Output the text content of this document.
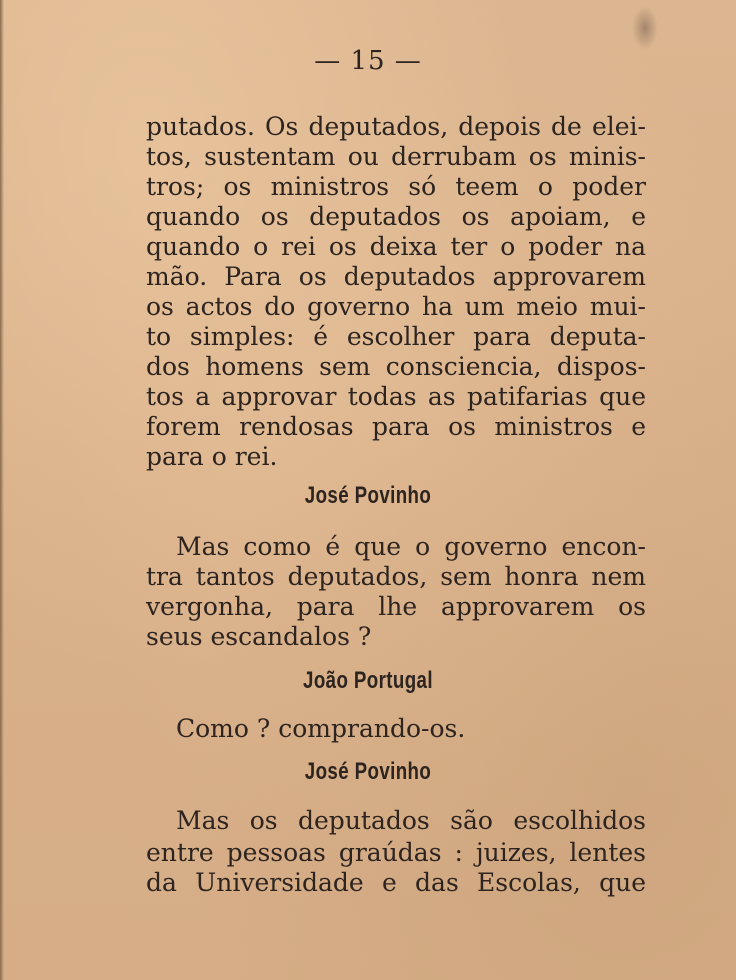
— 15 —
putados. Os deputados, depois de elei-
tos, sustentam ou derrubam os minis-
tros; os ministros só teem o poder
quando os deputados os apoiam, e
quando o rei os deixa ter o poder na
mão. Para os deputados approvarem
os actos do governo ha um meio mui-
to simples: é escolher para deputa-
dos homens sem consciencia, dispos-
tos a approvar todas as patifarias que
forem rendosas para os ministros e
para o rei.
José Povinho
Mas como é que o governo encon-
tra tantos deputados, sem honra nem
vergonha, para lhe approvarem os
seus escandalos ?
João Portugal
Como ? comprando-os.
José Povinho
Mas os deputados são escolhidos
entre pessoas graúdas : juizes, lentes
da Universidade e das Escolas, que
